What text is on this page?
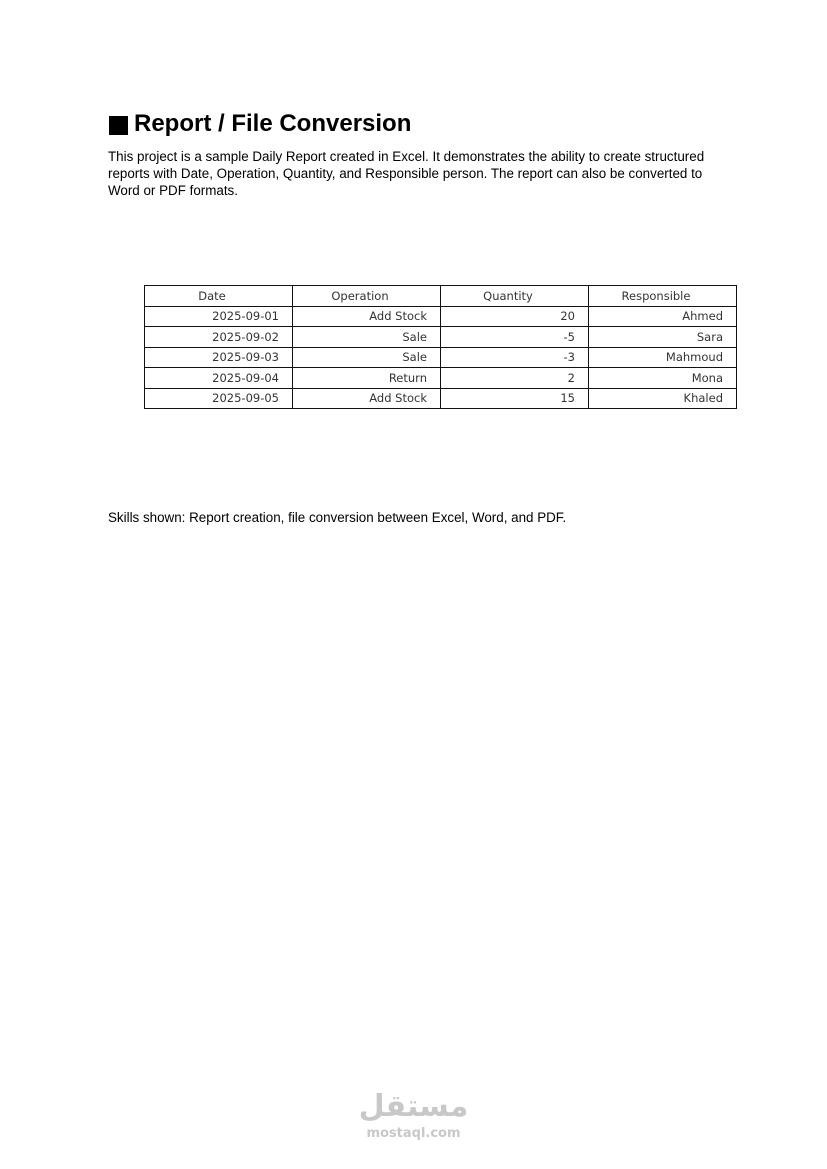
Report / File Conversion
This project is a sample Daily Report created in Excel. It demonstrates the ability to create structured reports with Date, Operation, Quantity, and Responsible person. The report can also be converted to Word or PDF formats.
Date	Operation	Quantity	Responsible
2025-09-01	Add Stock	20	Ahmed
2025-09-02	Sale	-5	Sara
2025-09-03	Sale	-3	Mahmoud
2025-09-04	Return	2	Mona
2025-09-05	Add Stock	15	Khaled
Skills shown: Report creation, file conversion between Excel, Word, and PDF.
مستقل
mostaql.com
